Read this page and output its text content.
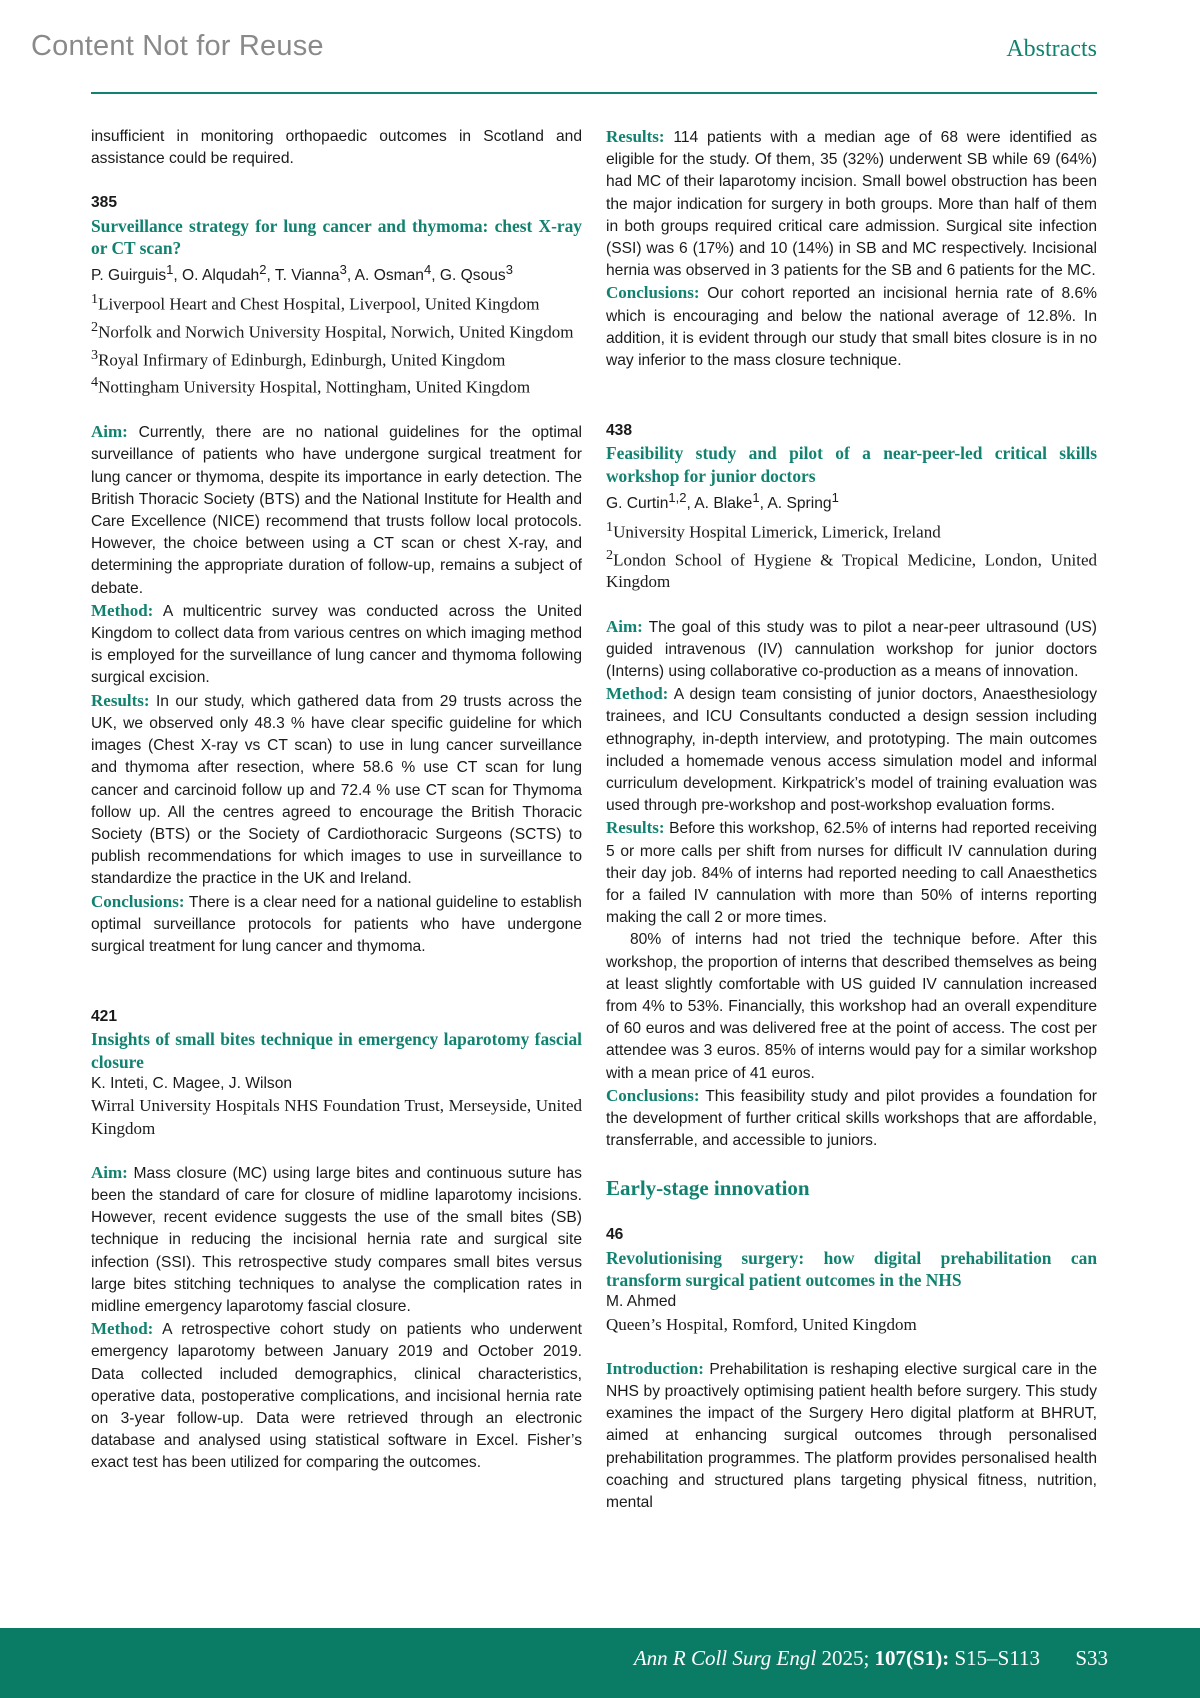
Content Not for Reuse	Abstracts

insufficient in monitoring orthopaedic outcomes in Scotland and assistance could be required.

385

Surveillance strategy for lung cancer and thymoma: chest X-ray or CT scan?

P. Guirguis$^1$, O. Alqudah$^2$, T. Vianna$^3$, A. Osman$^4$, G. Qsous$^3$

$^1$Liverpool Heart and Chest Hospital, Liverpool, United Kingdom

$^2$Norfolk and Norwich University Hospital, Norwich, United Kingdom

$^3$Royal Infirmary of Edinburgh, Edinburgh, United Kingdom

$^4$Nottingham University Hospital, Nottingham, United Kingdom

Aim: Currently, there are no national guidelines for the optimal surveillance of patients who have undergone surgical treatment for lung cancer or thymoma, despite its importance in early detection. The British Thoracic Society (BTS) and the National Institute for Health and Care Excellence (NICE) recommend that trusts follow local protocols. However, the choice between using a CT scan or chest X-ray, and determining the appropriate duration of follow-up, remains a subject of debate.

Method: A multicentric survey was conducted across the United Kingdom to collect data from various centres on which imaging method is employed for the surveillance of lung cancer and thymoma following surgical excision.

Results: In our study, which gathered data from 29 trusts across the UK, we observed only 48.3 % have clear specific guideline for which images (Chest X-ray vs CT scan) to use in lung cancer surveillance and thymoma after resection, where 58.6 % use CT scan for lung cancer and carcinoid follow up and 72.4 % use CT scan for Thymoma follow up. All the centres agreed to encourage the British Thoracic Society (BTS) or the Society of Cardiothoracic Surgeons (SCTS) to publish recommendations for which images to use in surveillance to standardize the practice in the UK and Ireland.

Conclusions: There is a clear need for a national guideline to establish optimal surveillance protocols for patients who have undergone surgical treatment for lung cancer and thymoma.

421

Insights of small bites technique in emergency laparotomy fascial closure

K. Inteti, C. Magee, J. Wilson

Wirral University Hospitals NHS Foundation Trust, Merseyside, United Kingdom

Aim: Mass closure (MC) using large bites and continuous suture has been the standard of care for closure of midline laparotomy incisions. However, recent evidence suggests the use of the small bites (SB) technique in reducing the incisional hernia rate and surgical site infection (SSI). This retrospective study compares small bites versus large bites stitching techniques to analyse the complication rates in midline emergency laparotomy fascial closure.

Method: A retrospective cohort study on patients who underwent emergency laparotomy between January 2019 and October 2019. Data collected included demographics, clinical characteristics, operative data, postoperative complications, and incisional hernia rate on 3-year follow-up. Data were retrieved through an electronic database and analysed using statistical software in Excel. Fisher’s exact test has been utilized for comparing the outcomes.

Results: 114 patients with a median age of 68 were identified as eligible for the study. Of them, 35 (32%) underwent SB while 69 (64%) had MC of their laparotomy incision. Small bowel obstruction has been the major indication for surgery in both groups. More than half of them in both groups required critical care admission. Surgical site infection (SSI) was 6 (17%) and 10 (14%) in SB and MC respectively. Incisional hernia was observed in 3 patients for the SB and 6 patients for the MC.

Conclusions: Our cohort reported an incisional hernia rate of 8.6% which is encouraging and below the national average of 12.8%. In addition, it is evident through our study that small bites closure is in no way inferior to the mass closure technique.

438

Feasibility study and pilot of a near-peer-led critical skills workshop for junior doctors

G. Curtin$^{1,2}$, A. Blake$^1$, A. Spring$^1$

$^1$University Hospital Limerick, Limerick, Ireland

$^2$London School of Hygiene & Tropical Medicine, London, United Kingdom

Aim: The goal of this study was to pilot a near-peer ultrasound (US) guided intravenous (IV) cannulation workshop for junior doctors (Interns) using collaborative co-production as a means of innovation.

Method: A design team consisting of junior doctors, Anaesthesiology trainees, and ICU Consultants conducted a design session including ethnography, in-depth interview, and prototyping. The main outcomes included a homemade venous access simulation model and informal curriculum development. Kirkpatrick’s model of training evaluation was used through pre-workshop and post-workshop evaluation forms.

Results: Before this workshop, 62.5% of interns had reported receiving 5 or more calls per shift from nurses for difficult IV cannulation during their day job. 84% of interns had reported needing to call Anaesthetics for a failed IV cannulation with more than 50% of interns reporting making the call 2 or more times.

80% of interns had not tried the technique before. After this workshop, the proportion of interns that described themselves as being at least slightly comfortable with US guided IV cannulation increased from 4% to 53%. Financially, this workshop had an overall expenditure of 60 euros and was delivered free at the point of access. The cost per attendee was 3 euros. 85% of interns would pay for a similar workshop with a mean price of 41 euros.

Conclusions: This feasibility study and pilot provides a foundation for the development of further critical skills workshops that are affordable, transferrable, and accessible to juniors.

Early-stage innovation

46

Revolutionising surgery: how digital prehabilitation can transform surgical patient outcomes in the NHS

M. Ahmed

Queen’s Hospital, Romford, United Kingdom

Introduction: Prehabilitation is reshaping elective surgical care in the NHS by proactively optimising patient health before surgery. This study examines the impact of the Surgery Hero digital platform at BHRUT, aimed at enhancing surgical outcomes through personalised prehabilitation programmes. The platform provides personalised health coaching and structured plans targeting physical fitness, nutrition, mental

Ann R Coll Surg Engl 2025; 107(S1): S15–S113 S33
